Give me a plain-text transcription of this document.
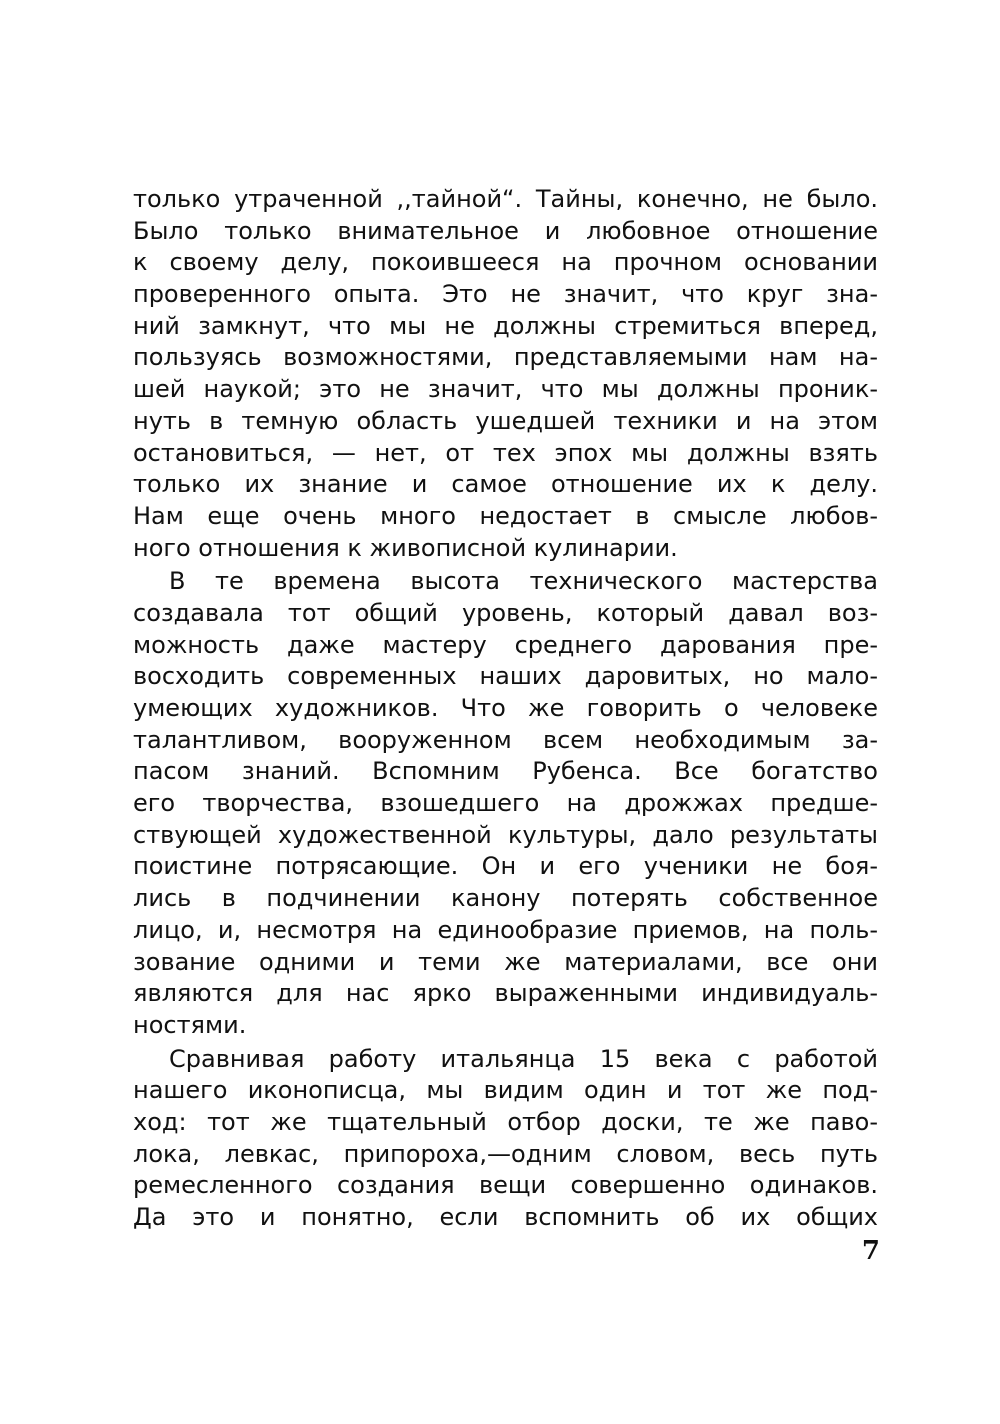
только утраченной ,,тайной“. Тайны, конечно, не было.
Было только внимательное и любовное отношение
к своему делу, покоившееся на прочном основании
проверенного опыта. Это не значит, что круг зна-
ний замкнут, что мы не должны стремиться вперед,
пользуясь возможностями, представляемыми нам на-
шей наукой; это не значит, что мы должны проник-
нуть в темную область ушедшей техники и на этом
остановиться, — нет, от тех эпох мы должны взять
только их знание и самое отношение их к делу.
Нам еще очень много недостает в смысле любов-
ного отношения к живописной кулинарии.
В те времена высота технического мастерства
создавала тот общий уровень, который давал воз-
можность даже мастеру среднего дарования пре-
восходить современных наших даровитых, но мало-
умеющих художников. Что же говорить о человеке
талантливом, вооруженном всем необходимым за-
пасом знаний. Вспомним Рубенса. Все богатство
его творчества, взошедшего на дрожжах предше-
ствующей художественной культуры, дало результаты
поистине потрясающие. Он и его ученики не боя-
лись в подчинении канону потерять собственное
лицо, и, несмотря на единообразие приемов, на поль-
зование одними и теми же материалами, все они
являются для нас ярко выраженными индивидуаль-
ностями.
Сравнивая работу итальянца 15 века с работой
нашего иконописца, мы видим один и тот же под-
ход: тот же тщательный отбор доски, те же паво-
лока, левкас, припороха,—одним словом, весь путь
ремесленного создания вещи совершенно одинаков.
Да это и понятно, если вспомнить об их общих
7
